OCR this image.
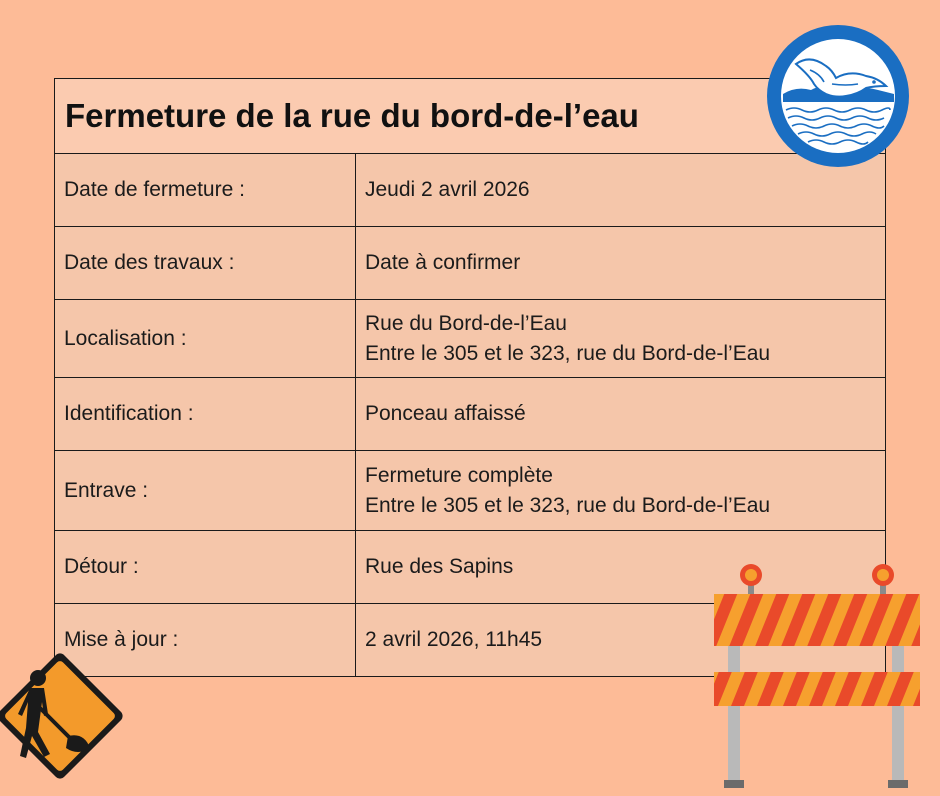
Fermeture de la rue du bord-de-l’eau
Date de fermeture :	Jeudi 2 avril 2026
Date des travaux :	Date à confirmer
Localisation :
Rue du Bord-de-l’Eau
Entre le 305 et le 323, rue du Bord-de-l’Eau
Identification :	Ponceau affaissé
Entrave :
Fermeture complète
Entre le 305 et le 323, rue du Bord-de-l’Eau
Détour :	Rue des Sapins
Mise à jour :	2 avril 2026, 11h45
